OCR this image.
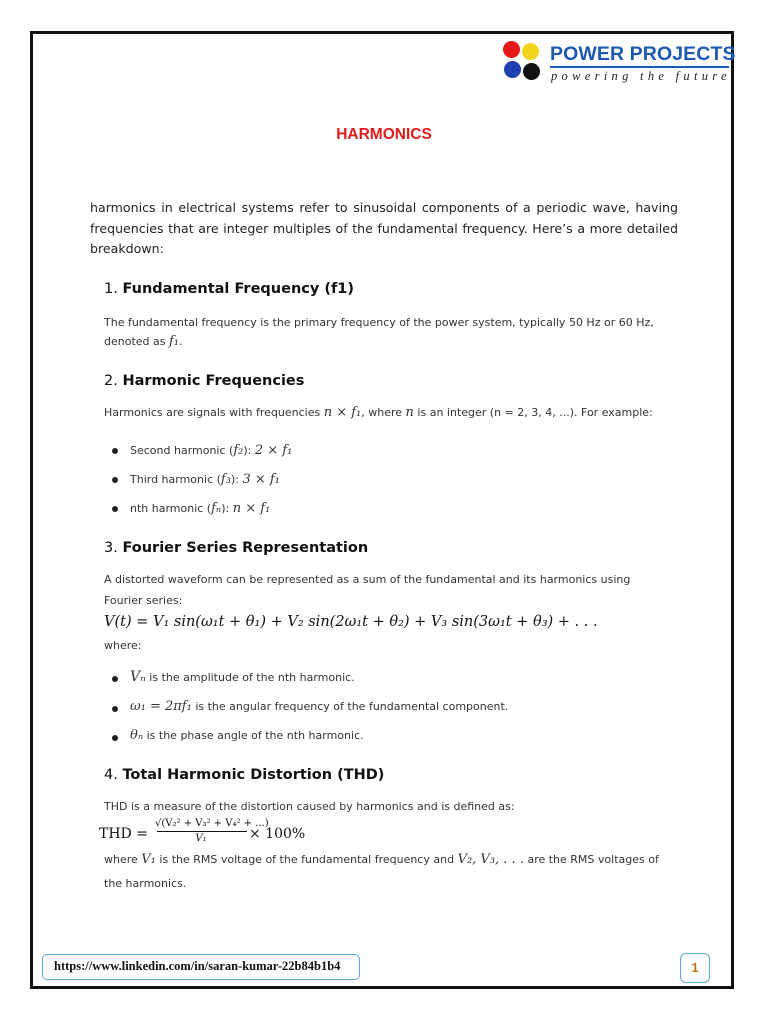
POWER PROJECTS
powering the future
HARMONICS
harmonics in electrical systems refer to sinusoidal components of a periodic wave, having frequencies that are integer multiples of the fundamental frequency. Here’s a more detailed breakdown:
1. Fundamental Frequency (f1)
The fundamental frequency is the primary frequency of the power system, typically 50 Hz or 60 Hz,
denoted as f₁.
2. Harmonic Frequencies
Harmonics are signals with frequencies n × f₁, where n is an integer (n = 2, 3, 4, ...). For example:
Second harmonic (f₂): 2 × f₁
Third harmonic (f₃): 3 × f₁
nth harmonic (fₙ): n × f₁
3. Fourier Series Representation
A distorted waveform can be represented as a sum of the fundamental and its harmonics using
Fourier series:
V(t) = V₁ sin(ω₁t + θ₁) + V₂ sin(2ω₁t + θ₂) + V₃ sin(3ω₁t + θ₃) + . . .
where:
Vₙ is the amplitude of the nth harmonic.
ω₁ = 2πf₁ is the angular frequency of the fundamental component.
θₙ is the phase angle of the nth harmonic.
4. Total Harmonic Distortion (THD)
THD is a measure of the distortion caused by harmonics and is defined as:
THD =
√(V₂² + V₃² + V₄² + ...)
V₁	× 100%
where V₁ is the RMS voltage of the fundamental frequency and V₂, V₃, . . . are the RMS voltages of
the harmonics.
https://www.linkedin.com/in/saran-kumar-22b84b1b4	1
